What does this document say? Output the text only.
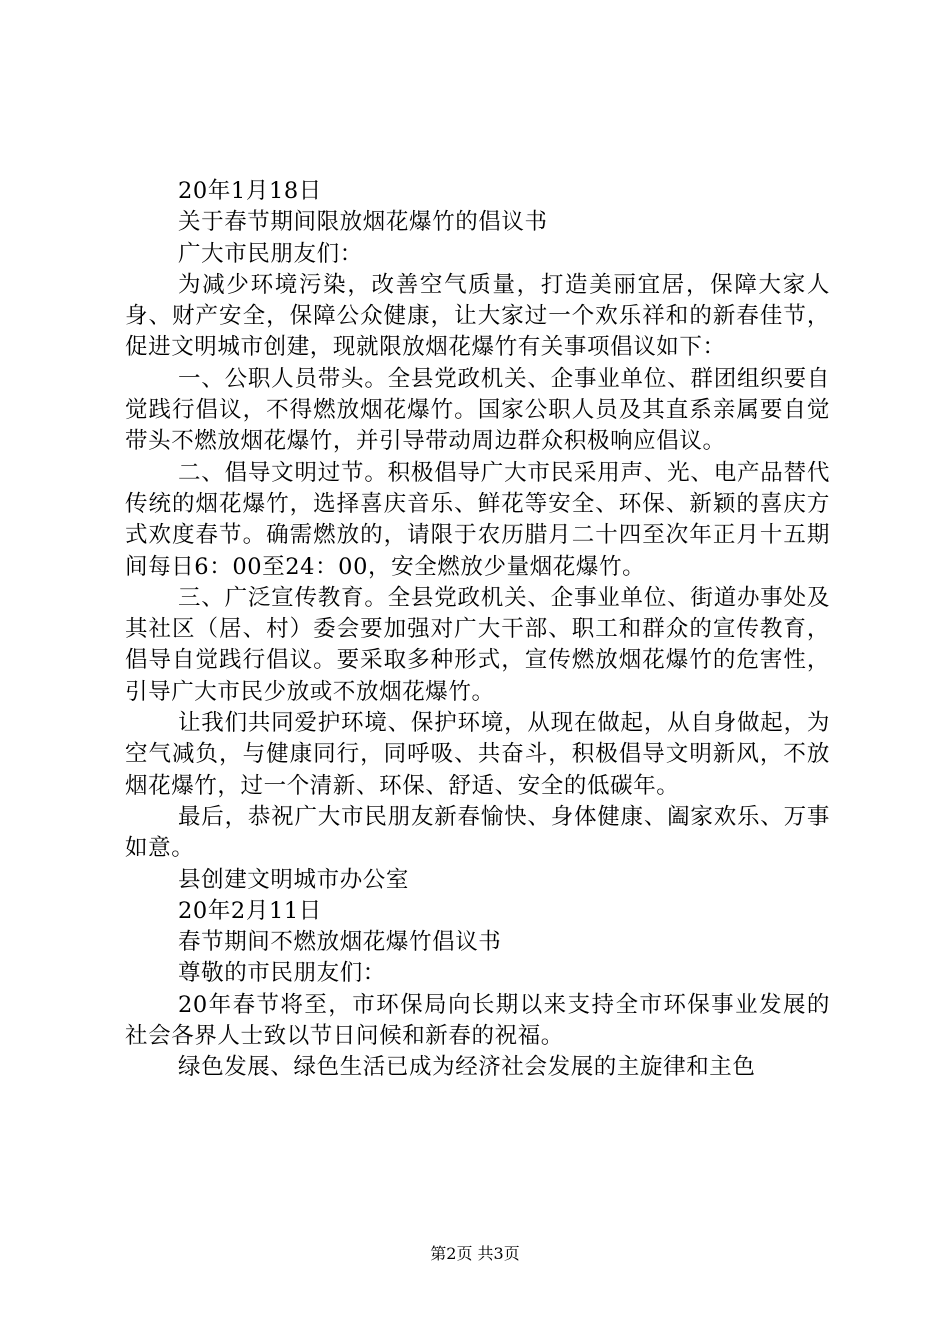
20年1月18日

关于春节期间限放烟花爆竹的倡议书

广大市民朋友们：

为减少环境污染，改善空气质量，打造美丽宜居，保障大家人身、财产安全，保障公众健康，让大家过一个欢乐祥和的新春佳节，促进文明城市创建，现就限放烟花爆竹有关事项倡议如下：

一、公职人员带头。全县党政机关、企事业单位、群团组织要自觉践行倡议，不得燃放烟花爆竹。国家公职人员及其直系亲属要自觉带头不燃放烟花爆竹，并引导带动周边群众积极响应倡议。

二、倡导文明过节。积极倡导广大市民采用声、光、电产品替代传统的烟花爆竹，选择喜庆音乐、鲜花等安全、环保、新颖的喜庆方式欢度春节。确需燃放的，请限于农历腊月二十四至次年正月十五期间每日6：00至24：00，安全燃放少量烟花爆竹。

三、广泛宣传教育。全县党政机关、企事业单位、街道办事处及其社区（居、村）委会要加强对广大干部、职工和群众的宣传教育，倡导自觉践行倡议。要采取多种形式，宣传燃放烟花爆竹的危害性，引导广大市民少放或不放烟花爆竹。

让我们共同爱护环境、保护环境，从现在做起，从自身做起，为空气减负，与健康同行，同呼吸、共奋斗，积极倡导文明新风，不放烟花爆竹，过一个清新、环保、舒适、安全的低碳年。

最后，恭祝广大市民朋友新春愉快、身体健康、阖家欢乐、万事如意。

县创建文明城市办公室

20年2月11日

春节期间不燃放烟花爆竹倡议书

尊敬的市民朋友们：

20年春节将至，市环保局向长期以来支持全市环保事业发展的社会各界人士致以节日问候和新春的祝福。

绿色发展、绿色生活已成为经济社会发展的主旋律和主色

第2页 共3页
